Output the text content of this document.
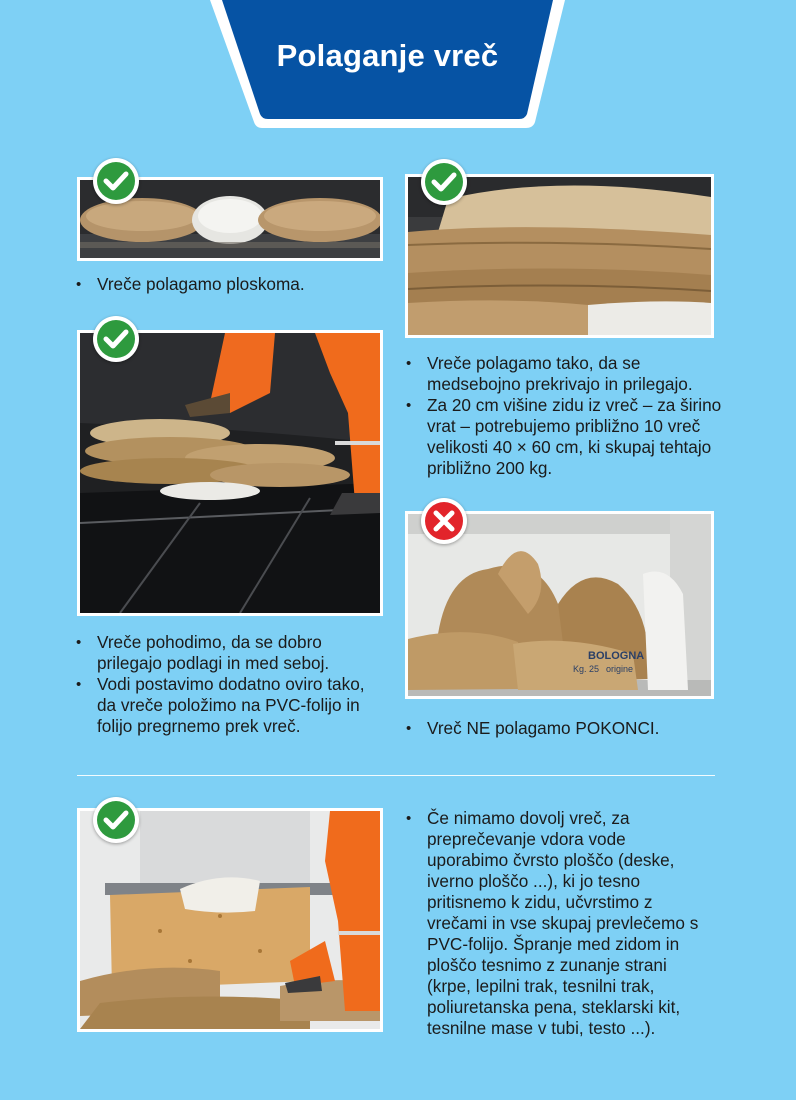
Polaganje vreč
• Vreče polagamo ploskoma.
• Vreče polagamo tako, da se medsebojno prekrivajo in prilegajo.
• Za 20 cm višine zidu iz vreč – za širino vrat – potrebujemo približno 10 vreč velikosti 40 × 60 cm, ki skupaj tehtajo približno 200 kg.
• Vreče pohodimo, da se dobro prilegajo podlagi in med seboj.
• Vodi postavimo dodatno oviro tako, da vreče položimo na PVC-folijo in folijo pregrnemo prek vreč.
BOLOGNA
Kg. 25 origine
• Vreč NE polagamo POKONCI.
• Če nimamo dovolj vreč, za preprečevanje vdora vode uporabimo čvrsto ploščo (deske, iverno ploščo ...), ki jo tesno pritisnemo k zidu, učvrstimo z vrečami in vse skupaj prevlečemo s PVC-folijo. Špranje med zidom in ploščo tesnimo z zunanje strani (krpe, lepilni trak, tesnilni trak, poliuretanska pena, steklarski kit, tesnilne mase v tubi, testo ...).
